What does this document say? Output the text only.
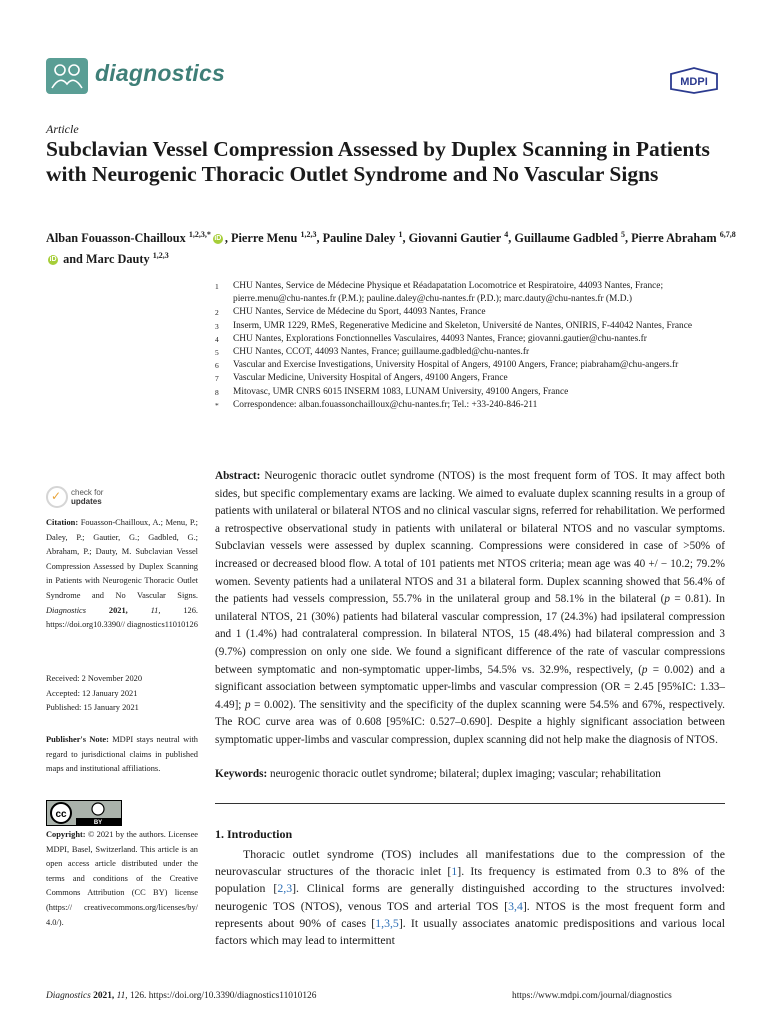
diagnostics	MDPI
Article
Subclavian Vessel Compression Assessed by Duplex Scanning in Patients with Neurogenic Thoracic Outlet Syndrome and No Vascular Signs
Alban Fouasson-Chailloux $^{1,2,3,*}$ iD , Pierre Menu $^{1,2,3}$, Pauline Daley $^1$, Giovanni Gautier $^4$, Guillaume Gadbled $^5$, Pierre Abraham $^{6,7,8}$iD and Marc Dauty $^{1,2,3}$
1	CHU Nantes, Service de Médecine Physique et Réadapatation Locomotrice et Respiratoire, 44093 Nantes, France; pierre.menu@chu-nantes.fr (P.M.); pauline.daley@chu-nantes.fr (P.D.); marc.dauty@chu-nantes.fr (M.D.)
2	CHU Nantes, Service de Médecine du Sport, 44093 Nantes, France
3	Inserm, UMR 1229, RMeS, Regenerative Medicine and Skeleton, Université de Nantes, ONIRIS, F-44042 Nantes, France
4	CHU Nantes, Explorations Fonctionnelles Vasculaires, 44093 Nantes, France; giovanni.gautier@chu-nantes.fr
5	CHU Nantes, CCOT, 44093 Nantes, France; guillaume.gadbled@chu-nantes.fr
6	Vascular and Exercise Investigations, University Hospital of Angers, 49100 Angers, France; piabraham@chu-angers.fr
7	Vascular Medicine, University Hospital of Angers, 49100 Angers, France
8	Mitovasc, UMR CNRS 6015 INSERM 1083, LUNAM University, 49100 Angers, France
*	Correspondence: alban.fouassonchailloux@chu-nantes.fr; Tel.: +33-240-846-211
✓ check for
updates
Citation: Fouasson-Chailloux, A.; Menu, P.; Daley, P.; Gautier, G.; Gadbled, G.; Abraham, P.; Dauty, M. Subclavian Vessel Compression Assessed by Duplex Scanning in Patients with Neurogenic Thoracic Outlet Syndrome and No Vascular Signs. Diagnostics	2021,	11,	126. https://doi.org10.3390// diagnostics11010126
Received: 2 November 2020
Accepted: 12 January 2021
Published: 15 January 2021
Publisher's Note: MDPI stays neutral with regard to jurisdictional claims in published maps and institutional affiliations.
cc
BY
Copyright: © 2021 by the authors. Licensee MDPI, Basel, Switzerland. This article is an open access article distributed under the terms and conditions of the Creative Commons Attribution (CC BY) license (https:// creativecommons.org/licenses/by/ 4.0/).
Abstract: Neurogenic thoracic outlet syndrome (NTOS) is the most frequent form of TOS. It may affect both sides, but specific complementary exams are lacking. We aimed to evaluate duplex scanning results in a group of patients with unilateral or bilateral NTOS and no clinical vascular signs, referred for rehabilitation. We performed a retrospective observational study in patients with unilateral or bilateral NTOS and no vascular symptoms. Subclavian vessels were assessed by duplex scanning. Compressions were considered in case of >50% of increased or decreased blood flow. A total of 101 patients met NTOS criteria; mean age was 40 +/ − 10.2; 79.2% women. Seventy patients had a unilateral NTOS and 31 a bilateral form. Duplex scanning showed that 56.4% of the patients had vessels compression, 55.7% in the unilateral group and 58.1% in the bilateral (p = 0.81). In unilateral NTOS, 21 (30%) patients had bilateral vascular compression, 17 (24.3%) had ipsilateral compression and 1 (1.4%) had contralateral compression. In bilateral NTOS, 15 (48.4%) had bilateral compression and 3 (9.7%) compression on only one side. We found a significant difference of the rate of vascular compressions between symptomatic and non-symptomatic upper-limbs, 54.5% vs. 32.9%, respectively, (p = 0.002) and a significant association between symptomatic upper-limbs and vascular compression (OR = 2.45 [95%IC: 1.33–4.49]; p = 0.002). The sensitivity and the specificity of the duplex scanning were 54.5% and 67%, respectively. The ROC curve area was of 0.608 [95%IC: 0.527–0.690]. Despite a highly significant association between symptomatic upper-limbs and vascular compression, duplex scanning did not help make the diagnosis of NTOS.
Keywords: neurogenic thoracic outlet syndrome; bilateral; duplex imaging; vascular; rehabilitation
1. Introduction
Thoracic outlet syndrome (TOS) includes all manifestations due to the compression of the neurovascular structures of the thoracic inlet [1]. Its frequency is estimated from 0.3 to 8% of the population [2,3]. Clinical forms are generally distinguished according to the structures involved: neurogenic TOS (NTOS), venous TOS and arterial TOS [3,4]. NTOS is the most frequent form and represents about 90% of cases [1,3,5]. It usually associates anatomic predispositions and various local factors which may lead to intermittent
Diagnostics 2021, 11, 126. https://doi.org/10.3390/diagnostics11010126	https://www.mdpi.com/journal/diagnostics
